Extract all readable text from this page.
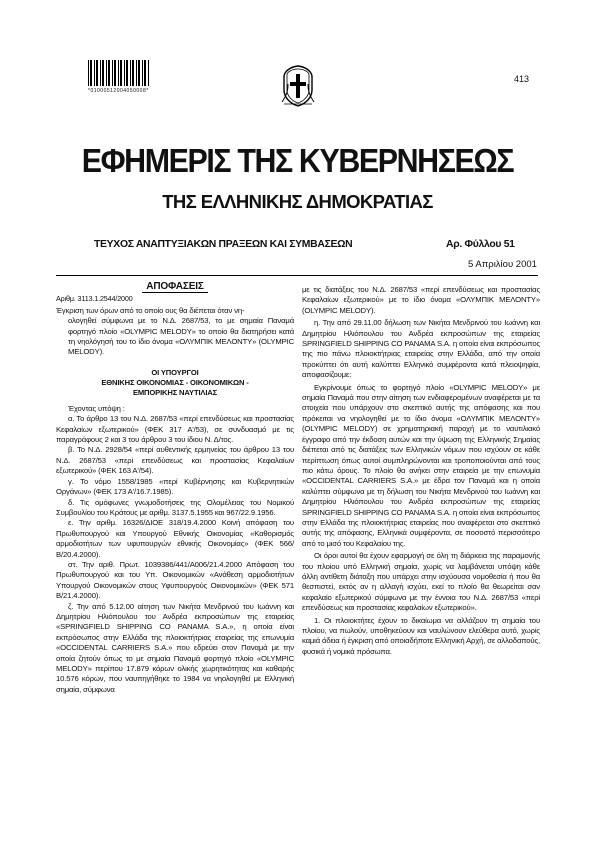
*01000512004050008*
413
ΕΦΗΜΕΡΙΣ ΤΗΣ ΚΥΒΕΡΝΗΣΕΩΣ
ΤΗΣ ΕΛΛΗΝΙΚΗΣ ΔΗΜΟΚΡΑΤΙΑΣ
ΤΕΥΧΟΣ ΑΝΑΠΤΥΞΙΑΚΩΝ ΠΡΑΞΕΩΝ ΚΑΙ ΣΥΜΒΑΣΕΩΝ	Αρ. Φύλλου 51
5 Απριλίου 2001

ΑΠΟΦΑΣΕΙΣ

Αριθμ. 3113.1.2544/2000

Έγκριση των όρων από το οποίο ους θα διέπεται όταν νη-

ολογηθεί σύμφωνα με το Ν.Δ. 2687/53, το με σημαία Παναμά φορτηγό πλοίο «OLYMPIC MELODY» το οποίο θα διατηρήσει κατά τη νηολόγησή του το ίδιο όνομα «ΟΛΥΜΠΙΚ ΜΕΛΟΝΤΥ» (OLYMPIC MELODY).

ΟΙ ΥΠΟΥΡΓΟΙ
ΕΘΝΙΚΗΣ ΟΙΚΟΝΟΜΙΑΣ - ΟΙΚΟΝΟΜΙΚΩΝ -
ΕΜΠΟΡΙΚΗΣ ΝΑΥΤΙΛΙΑΣ

Έχοντας υπόψη :

α. Το άρθρο 13 του Ν.Δ. 2687/53 «περί επενδύσεως και προστασίας Κεφαλαίων εξωτερικού» (ΦΕΚ 317 Α'/53), σε συνδυασμό με τις παραγράφους 2 και 3 του άρθρου 3 του ίδιου Ν. Δ/τος.

β. Το Ν.Δ. 2928/54 «περί αυθεντικής ερμηνείας του άρθρου 13 του Ν.Δ. 2687/53 «περί επενδύσεως και προστασίας Κεφαλαίων εξωτερικού» (ΦΕΚ 163 Α'/54).

γ. Το νόμο 1558/1985 «περί Κυβέρνησης και Κυβερνητικών Οργάνων» (ΦΕΚ 173 Α'/16.7.1985).

δ. Τις ομόφωνες γνωμοδοτήσεις της Ολομέλειας του Νομικού Συμβουλίου του Κράτους με αριθμ. 3137.5.1955 και 967/22.9.1956.

ε. Την αριθμ. 16326/ΔΙΟΕ 318/19.4.2000 Κοινή απόφαση του Πρωθυπουργού και Υπουργού Εθνικής Οικονομίας «Καθορισμός αρμοδιοτήτων των υφυπουργών εθνικής Οικονομίας» (ΦΕΚ 566/Β/20.4.2000).

στ. Την αριθ. Πρωτ. 1039386/441/Α006/21.4.2000 Απόφαση του Πρωθυπουργού και του Υπ. Οικονομικών «Ανάθεση αρμοδιοτήτων Υπουργού Οικονομικών στους Υφυπουργούς Οικονομικών» (ΦΕΚ 571 Β/21.4.2000).

ζ. Την από 5.12.00 αίτηση των Νικήτα Μενδρινού του Ιωάννη και Δημητρίου Ηλιόπουλου του Ανδρέα εκπροσώπων της εταιρείας «SPRINGFIELD SHIPPING CO PANAMA S.A.», η οποία είναι εκπρόσωπος στην Ελλάδα της πλοιοκτήτριας εταιρείας της επωνυμία «OCCIDENTAL CARRIERS S.A.» που εδρεύει στον Παναμά με την οποία ζητούν όπως το με σημαία Παναμά φορτηγό πλοίο «OLYMPIC MELODY» περίπου 17.879 κόρων ολικής χωρητικότητας και καθαρής 10.576 κόρων, που ναυπηγήθηκε το 1984 να νηολογηθεί με Ελληνική σημαία, σύμφωνα

με τις διατάξεις του Ν.Δ. 2687/53 «περί επενδύσεως και προστασίας Κεφαλαίων εξωτερικού» με το ίδιο όνομα «ΟΛΥΜΠΙΚ ΜΕΛΟΝΤΥ» (OLYMPIC MELODY).

η. Την από 29.11.00 δήλωση των Νικήτα Μενδρινού του Ιωάννη και Δημητρίου Ηλιόπουλου του Ανδρέα εκπροσώπων της εταιρείας SPRINGFIELD SHIPPING CO PANAMA S.A. η οποία είναι εκπρόσωπος της πιο πάνω πλοιοκτήτριας εταιρείας στην Ελλάδα, από την οποία προκύπτει ότι αυτή καλύπτει Ελληνικό συμφέροντα κατά πλειοψηφία, αποφασίζουμε:

Εγκρίνουμε όπως το φορτηγό πλοίο «OLYMPIC MELODY» με σημαία Παναμά που στην αίτηση των ενδιαφερομένων αναφέρεται με τα στοιχεία που υπάρχουν στο σκεπτικό αυτής της απόφασης και που πρόκειται να νηολογηθεί με το ίδιο όνομα «ΟΛΥΜΠΙΚ ΜΕΛΟΝΤΥ» (OLYMPIC MELODY) σε χρηματηριακή παροχή με το ναυτιλιακό έγγραφο από την έκδοση αυτών και την ύψωση της Ελληνικής Σημαίας διέπεται από τις διατάξεις των Ελληνικών νόμων που ισχύουν σε κάθε περίπτωση όπως αυτοί συμπληρώνονται και τροποποιούνται από τους πιο κάτω όρους. Το πλοίο θα ανήκει στην εταιρεία με την επωνυμία «OCCIDENTAL CARRIERS S.A.» με έδρα τον Παναμά και η οποία καλύπτει σύμφωνα με τη δήλωση του Νικήτα Μενδρινού του Ιωάννη και Δημητρίου Ηλιόπουλου του Ανδρέα εκπροσώπων της εταιρείας SPRINGFIELD SHIPPING CO PANAMA S.A. η οποία είναι εκπρόσωπος στην Ελλάδα της πλοιοκτήτριας εταιρείας που αναφέρεται στο σκεπτικό αυτής της απόφασης, Ελληνικά συμφέροντα, σε ποσοστό περισσότερο από το μισό του Κεφαλαίου της.

Οι όροι αυτοί θα έχουν εφαρμογή σε όλη τη διάρκεια της παραμονής του πλοίου υπό Ελληνική σημαία, χωρίς να λαμβάνεται υπόψη κάθε άλλη αντίθετη διάταξη που υπάρχει στην ισχύουσα νομοθεσία ή που θα θεσπιστεί, εκτός αν η αλλαγή ισχύει, εκεί το πλοίο θα θεωρείται σαν κεφαλαίο εξωτερικού σύμφωνα με την έννοια του Ν.Δ. 2687/53 «περί επενδύσεως και προστασίας κεφαλαίων εξωτερικού».

1. Οι πλοιοκτήτες έχουν το δικαίωμα να αλλάζουν τη σημαία του πλοίου, να πωλούν, υποθηκεύουν και ναυλώνουν ελεύθερα αυτό, χωρίς καμιά άδεια ή έγκριση από οποιαδήποτε Ελληνική Αρχή, σε αλλοδαπούς, φυσικά ή νομικά πρόσωπα.
